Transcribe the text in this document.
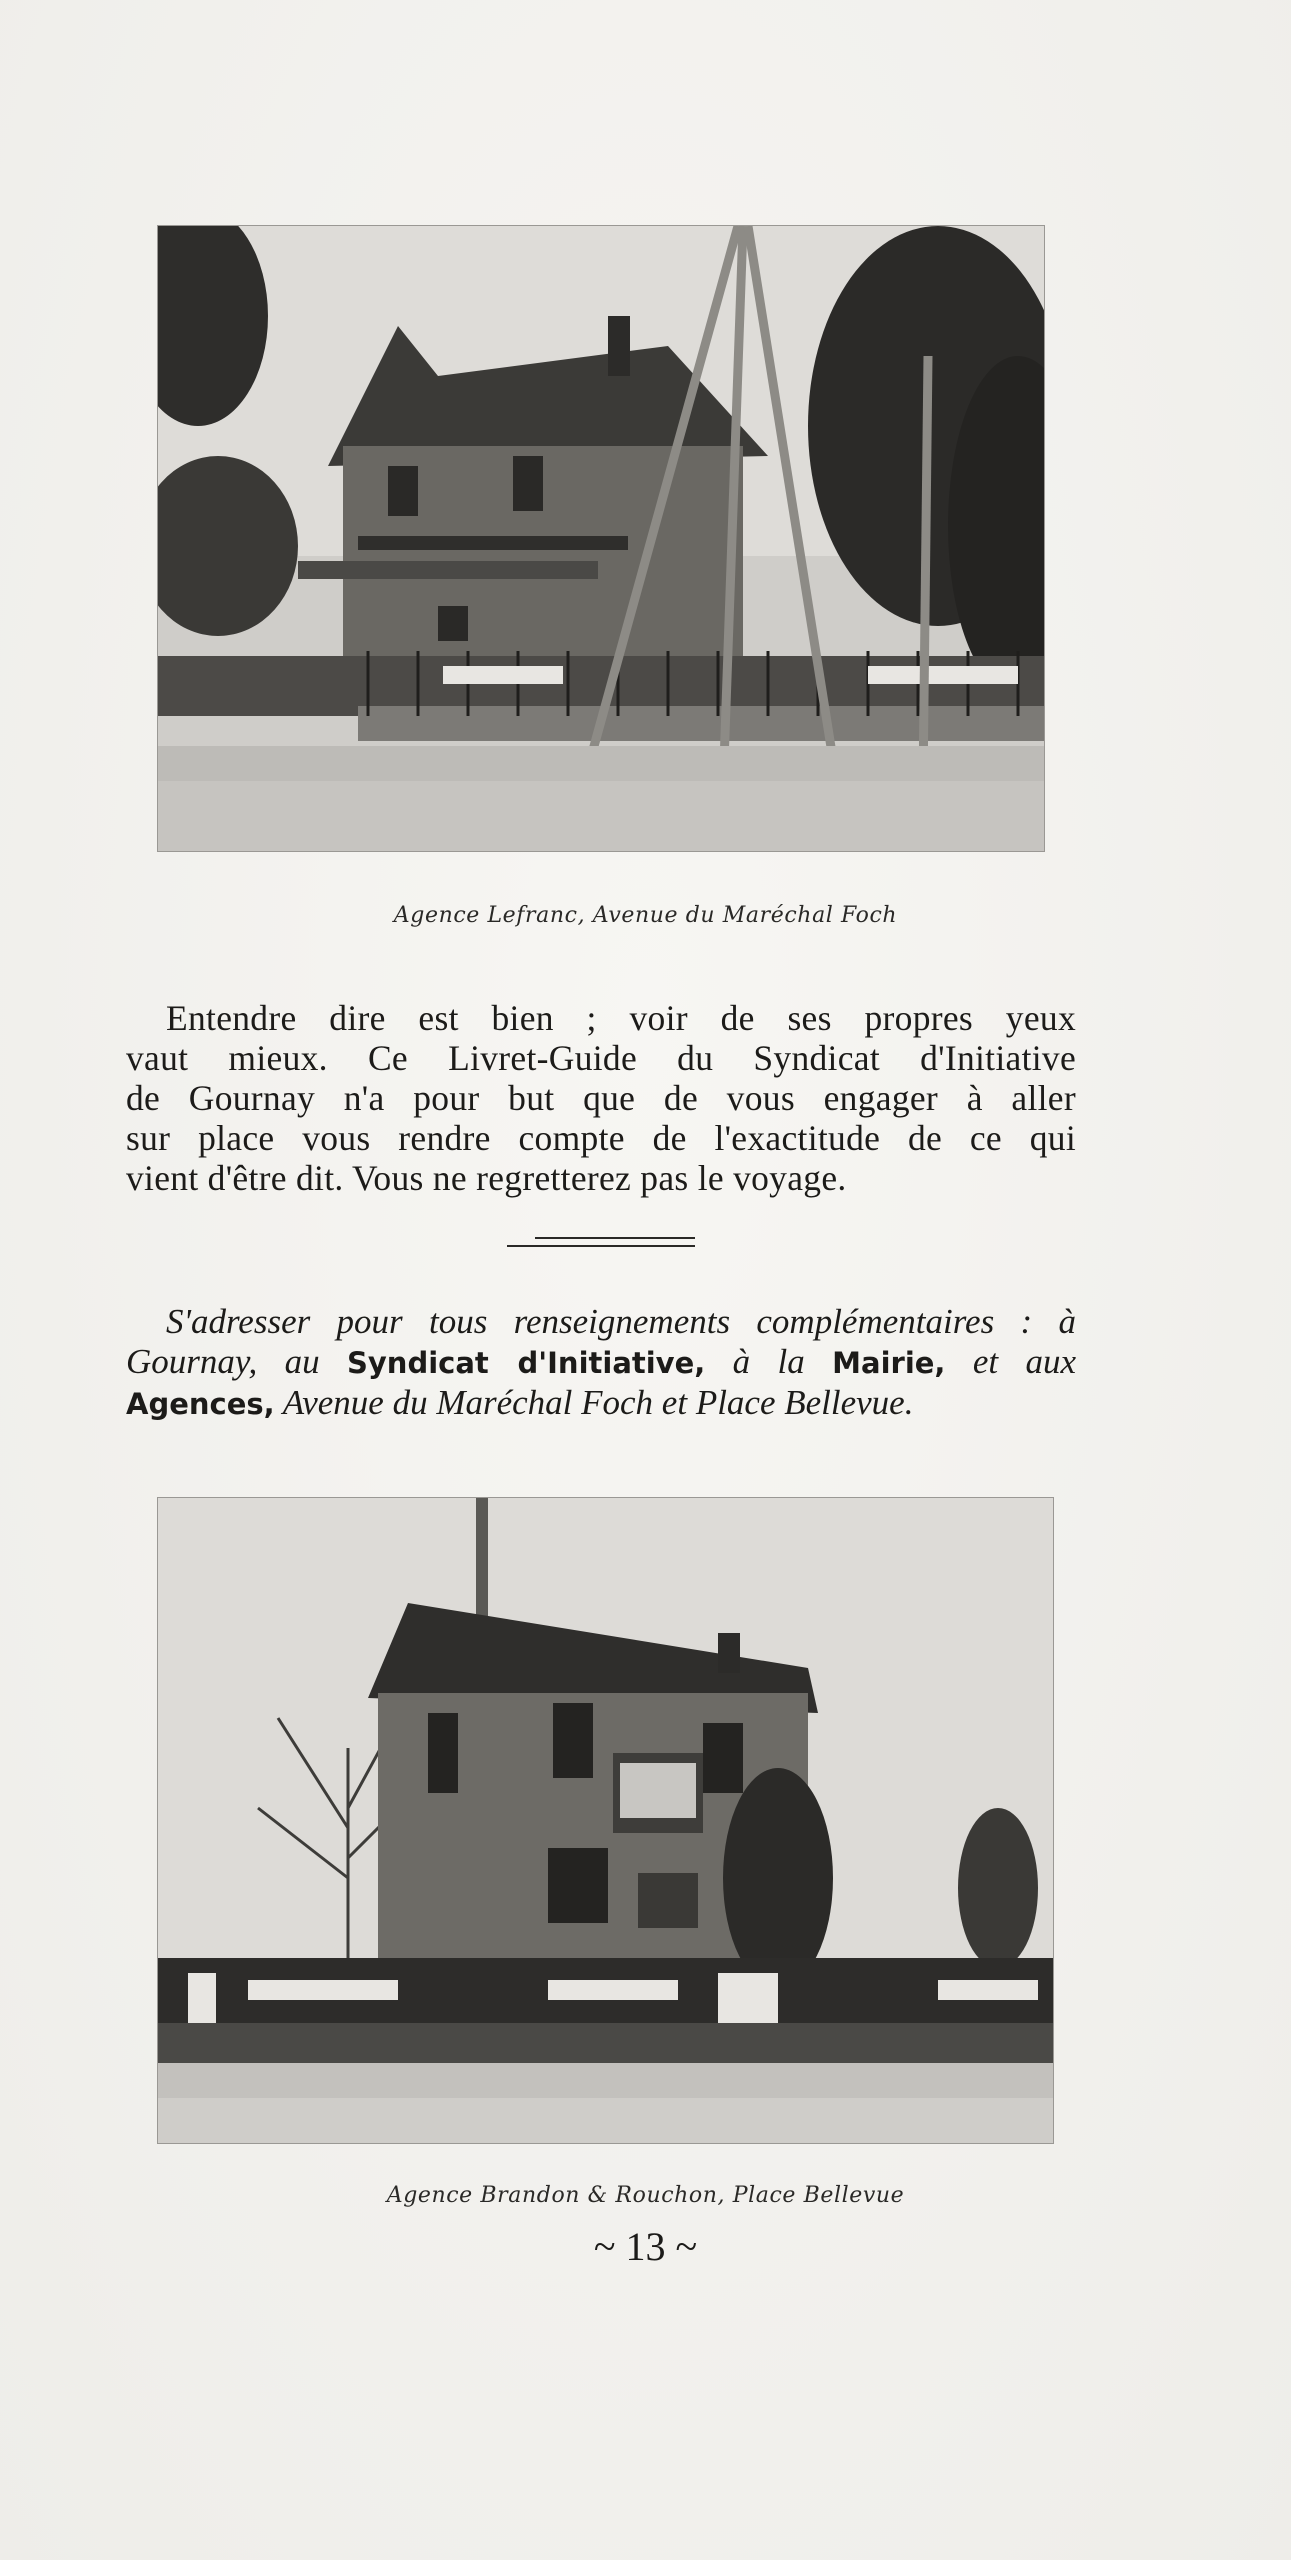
Agence Lefranc, Avenue du Maréchal Foch
Entendre dire est bien ; voir de ses propres yeux
vaut mieux. Ce Livret-Guide du Syndicat d'Initiative
de Gournay n'a pour but que de vous engager à aller
sur place vous rendre compte de l'exactitude de ce qui
vient d'être dit. Vous ne regretterez pas le voyage.
S'adresser pour tous renseignements complémentaires : à
Gournay, au Syndicat d'Initiative, à la Mairie, et aux
Agences, Avenue du Maréchal Foch et Place Bellevue.
Agence Brandon & Rouchon, Place Bellevue
~ 13 ~
